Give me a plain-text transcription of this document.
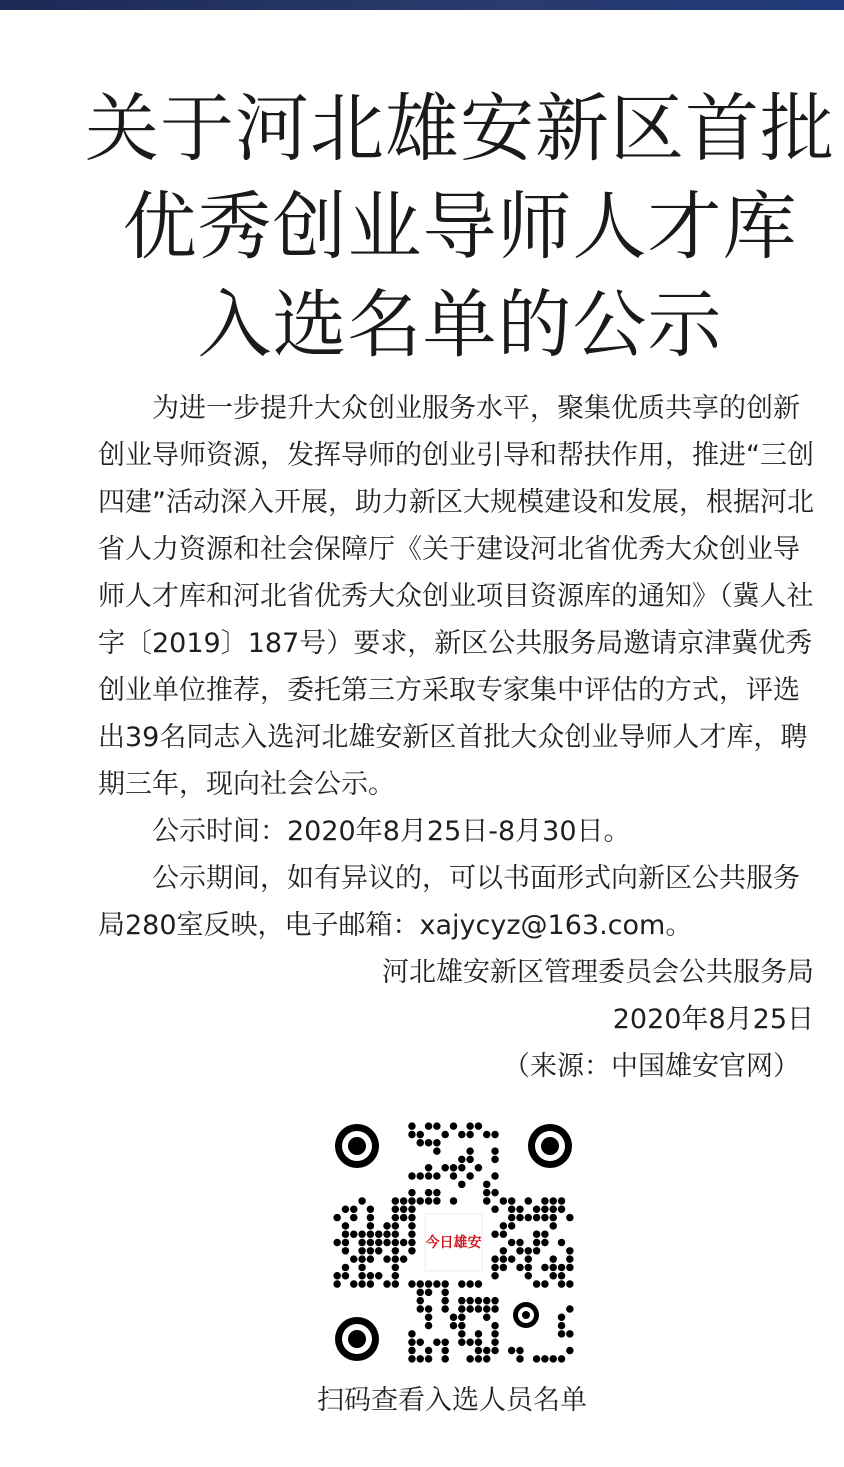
关于河北雄安新区首批
优秀创业导师人才库
入选名单的公示

为进一步提升大众创业服务水平，聚集优质共享的创新创业导师资源，发挥导师的创业引导和帮扶作用，推进“三创四建”活动深入开展，助力新区大规模建设和发展，根据河北省人力资源和社会保障厅《关于建设河北省优秀大众创业导师人才库和河北省优秀大众创业项目资源库的通知》（冀人社字〔2019〕187号）要求，新区公共服务局邀请京津冀优秀创业单位推荐，委托第三方采取专家集中评估的方式，评选出39名同志入选河北雄安新区首批大众创业导师人才库，聘期三年，现向社会公示。

公示时间：2020年8月25日-8月30日。

公示期间，如有异议的，可以书面形式向新区公共服务局280室反映，电子邮箱：xajycyz@163.com。

河北雄安新区管理委员会公共服务局

2020年8月25日

（来源：中国雄安官网）

今日雄安
扫码查看入选人员名单
